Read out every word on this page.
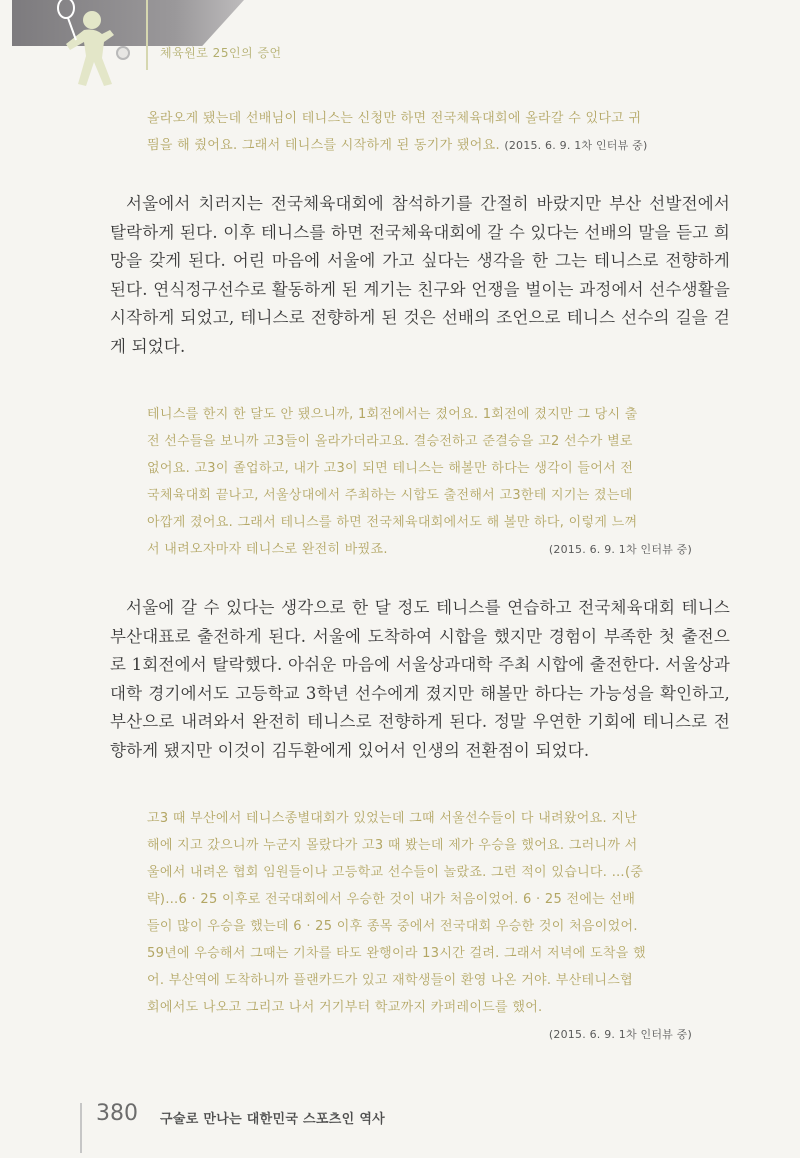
체육원로 25인의 증언

올라오게 됐는데 선배님이 테니스는 신청만 하면 전국체육대회에 올라갈 수 있다고 귀

띔을 해 줬어요. 그래서 테니스를 시작하게 된 동기가 됐어요. (2015. 6. 9. 1차 인터뷰 중)

서울에서 치러지는 전국체육대회에 참석하기를 간절히 바랐지만 부산 선발전에서 탈락하게 된다. 이후 테니스를 하면 전국체육대회에 갈 수 있다는 선배의 말을 듣고 희망을 갖게 된다. 어린 마음에 서울에 가고 싶다는 생각을 한 그는 테니스로 전향하게 된다. 연식정구선수로 활동하게 된 계기는 친구와 언쟁을 벌이는 과정에서 선수생활을 시작하게 되었고, 테니스로 전향하게 된 것은 선배의 조언으로 테니스 선수의 길을 걷게 되었다.

테니스를 한지 한 달도 안 됐으니까, 1회전에서는 졌어요. 1회전에 졌지만 그 당시 출

전 선수들을 보니까 고3들이 올라가더라고요. 결승전하고 준결승을 고2 선수가 별로

없어요. 고3이 졸업하고, 내가 고3이 되면 테니스는 해볼만 하다는 생각이 들어서 전

국체육대회 끝나고, 서울상대에서 주최하는 시합도 출전해서 고3한테 지기는 졌는데

아깝게 졌어요. 그래서 테니스를 하면 전국체육대회에서도 해 볼만 하다, 이렇게 느껴

서 내려오자마자 테니스로 완전히 바꿨죠.	(2015. 6. 9. 1차 인터뷰 중)

서울에 갈 수 있다는 생각으로 한 달 정도 테니스를 연습하고 전국체육대회 테니스 부산대표로 출전하게 된다. 서울에 도착하여 시합을 했지만 경험이 부족한 첫 출전으로 1회전에서 탈락했다. 아쉬운 마음에 서울상과대학 주최 시합에 출전한다. 서울상과대학 경기에서도 고등학교 3학년 선수에게 졌지만 해볼만 하다는 가능성을 확인하고, 부산으로 내려와서 완전히 테니스로 전향하게 된다. 정말 우연한 기회에 테니스로 전향하게 됐지만 이것이 김두환에게 있어서 인생의 전환점이 되었다.

고3 때 부산에서 테니스종별대회가 있었는데 그때 서울선수들이 다 내려왔어요. 지난

해에 지고 갔으니까 누군지 몰랐다가 고3 때 봤는데 제가 우승을 했어요. 그러니까 서

울에서 내려온 협회 임원들이나 고등학교 선수들이 놀랐죠. 그런 적이 있습니다. …(중

략)…6 · 25 이후로 전국대회에서 우승한 것이 내가 처음이었어. 6 · 25 전에는 선배

들이 많이 우승을 했는데 6 · 25 이후 종목 중에서 전국대회 우승한 것이 처음이었어.

59년에 우승해서 그때는 기차를 타도 완행이라 13시간 걸려. 그래서 저녁에 도착을 했

어. 부산역에 도착하니까 플랜카드가 있고 재학생들이 환영 나온 거야. 부산테니스협

회에서도 나오고 그리고 나서 거기부터 학교까지 카퍼레이드를 했어.

(2015. 6. 9. 1차 인터뷰 중)

380 구술로 만나는 대한민국 스포츠인 역사
